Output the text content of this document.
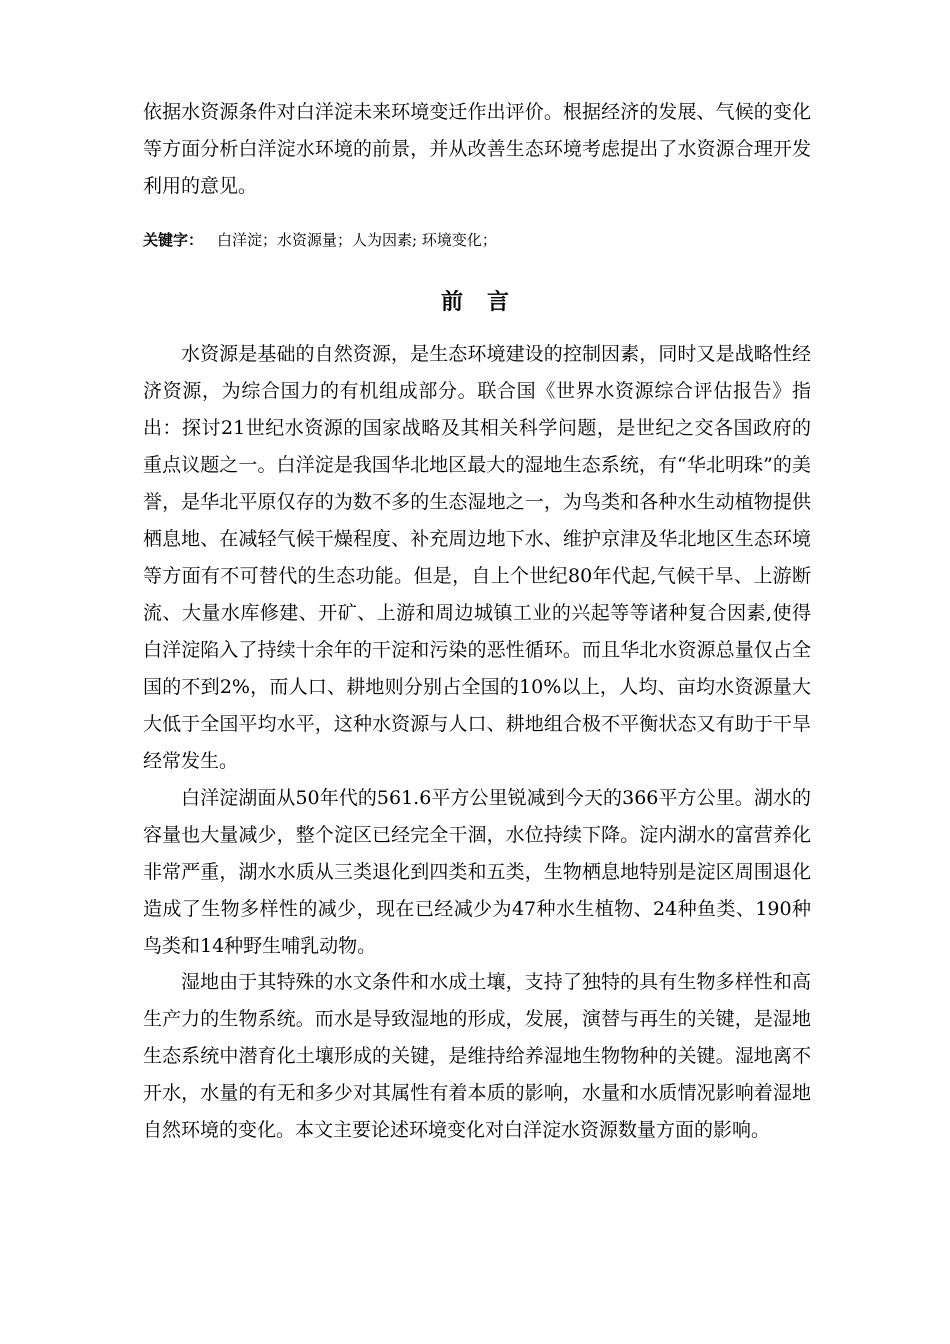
依据水资源条件对白洋淀未来环境变迁作出评价。根据经济的发展、气候的变化等方面分析白洋淀水环境的前景，并从改善生态环境考虑提出了水资源合理开发利用的意见。

关键字： 白洋淀；水资源量；人为因素; 环境变化；

前言

水资源是基础的自然资源，是生态环境建设的控制因素，同时又是战略性经济资源，为综合国力的有机组成部分。联合国《世界水资源综合评估报告》指出：探讨21世纪水资源的国家战略及其相关科学问题，是世纪之交各国政府的重点议题之一。白洋淀是我国华北地区最大的湿地生态系统，有“华北明珠”的美誉，是华北平原仅存的为数不多的生态湿地之一，为鸟类和各种水生动植物提供栖息地、在减轻气候干燥程度、补充周边地下水、维护京津及华北地区生态环境等方面有不可替代的生态功能。但是，自上个世纪80年代起,气候干旱、上游断流、大量水库修建、开矿、上游和周边城镇工业的兴起等等诸种复合因素,使得白洋淀陷入了持续十余年的干淀和污染的恶性循环。而且华北水资源总量仅占全国的不到2%，而人口、耕地则分别占全国的10%以上，人均、亩均水资源量大大低于全国平均水平，这种水资源与人口、耕地组合极不平衡状态又有助于干旱经常发生。

白洋淀湖面从50年代的561.6平方公里锐减到今天的366平方公里。湖水的容量也大量减少，整个淀区已经完全干涸，水位持续下降。淀内湖水的富营养化非常严重，湖水水质从三类退化到四类和五类，生物栖息地特别是淀区周围退化造成了生物多样性的减少，现在已经减少为47种水生植物、24种鱼类、190种鸟类和14种野生哺乳动物。

湿地由于其特殊的水文条件和水成土壤，支持了独特的具有生物多样性和高生产力的生物系统。而水是导致湿地的形成，发展，演替与再生的关键，是湿地生态系统中潜育化土壤形成的关键，是维持给养湿地生物物种的关键。湿地离不开水，水量的有无和多少对其属性有着本质的影响，水量和水质情况影响着湿地自然环境的变化。本文主要论述环境变化对白洋淀水资源数量方面的影响。
